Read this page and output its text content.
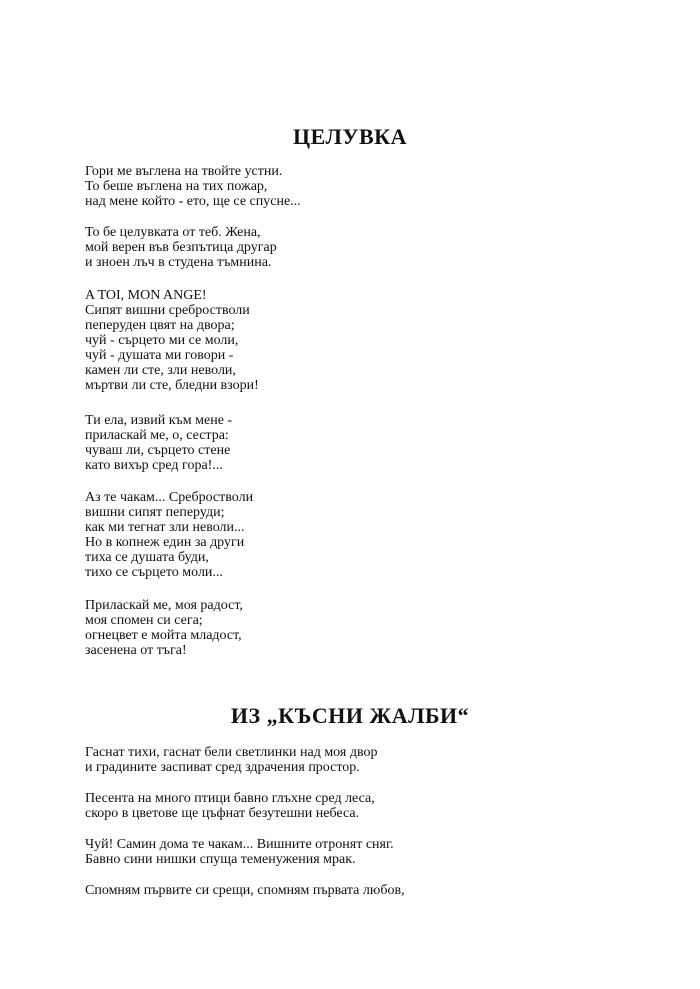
ЦЕЛУВКА
Гори ме въглена на твойте устни.
То беше въглена на тих пожар,
над мене който - ето, ще се спусне...
То бе целувката от теб. Жена,
мой верен във безпътица другар
и зноен лъч в студена тъмнина.
A TOI, MON ANGE!
Сипят вишни сребростволи
пеперуден цвят на двора;
чуй - сърцето ми се моли,
чуй - душата ми говори -
камен ли сте, зли неволи,
мъртви ли сте, бледни взори!
Ти ела, извий към мене -
приласкай ме, о, сестра:
чуваш ли, сърцето стене
като вихър сред гора!...
Аз те чакам... Сребростволи
вишни сипят пеперуди;
как ми тегнат зли неволи...
Но в копнеж един за други
тиха се душата буди,
тихо се сърцето моли...
Приласкай ме, моя радост,
моя спомен си сега;
огнецвет е мойта младост,
засенена от тъга!
ИЗ „КЪСНИ ЖАЛБИ“
Гаснат тихи, гаснат бели светлинки над моя двор
и градините заспиват сред здрачения простор.
Песента на много птици бавно глъхне сред леса,
скоро в цветове ще цъфнат безутешни небеса.
Чуй! Самин дома те чакам... Вишните отронят сняг.
Бавно сини нишки спуща теменужения мрак.
Спомням първите си срещи, спомням първата любов,
